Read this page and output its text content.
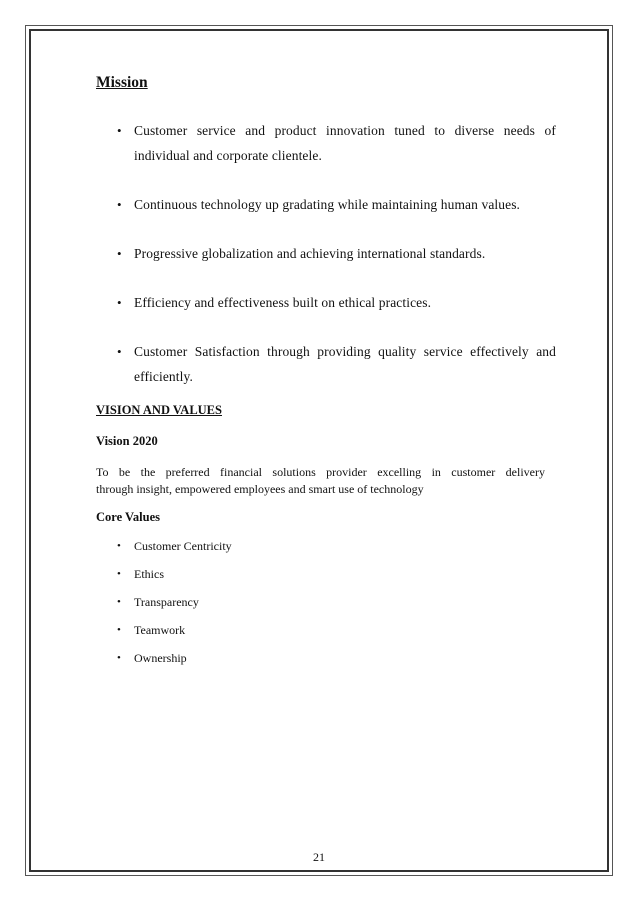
Mission
• Customer service and product innovation tuned to diverse needs of individual and corporate clientele.
• Continuous technology up gradating while maintaining human values.
• Progressive globalization and achieving international standards.
• Efficiency and effectiveness built on ethical practices.
• Customer Satisfaction through providing quality service effectively and efficiently.
VISION AND VALUES
Vision 2020

To be the preferred financial solutions provider excelling in customer delivery
through insight, empowered employees and smart use of technology

Core Values
• Customer Centricity
• Ethics
• Transparency
• Teamwork
• Ownership
21
